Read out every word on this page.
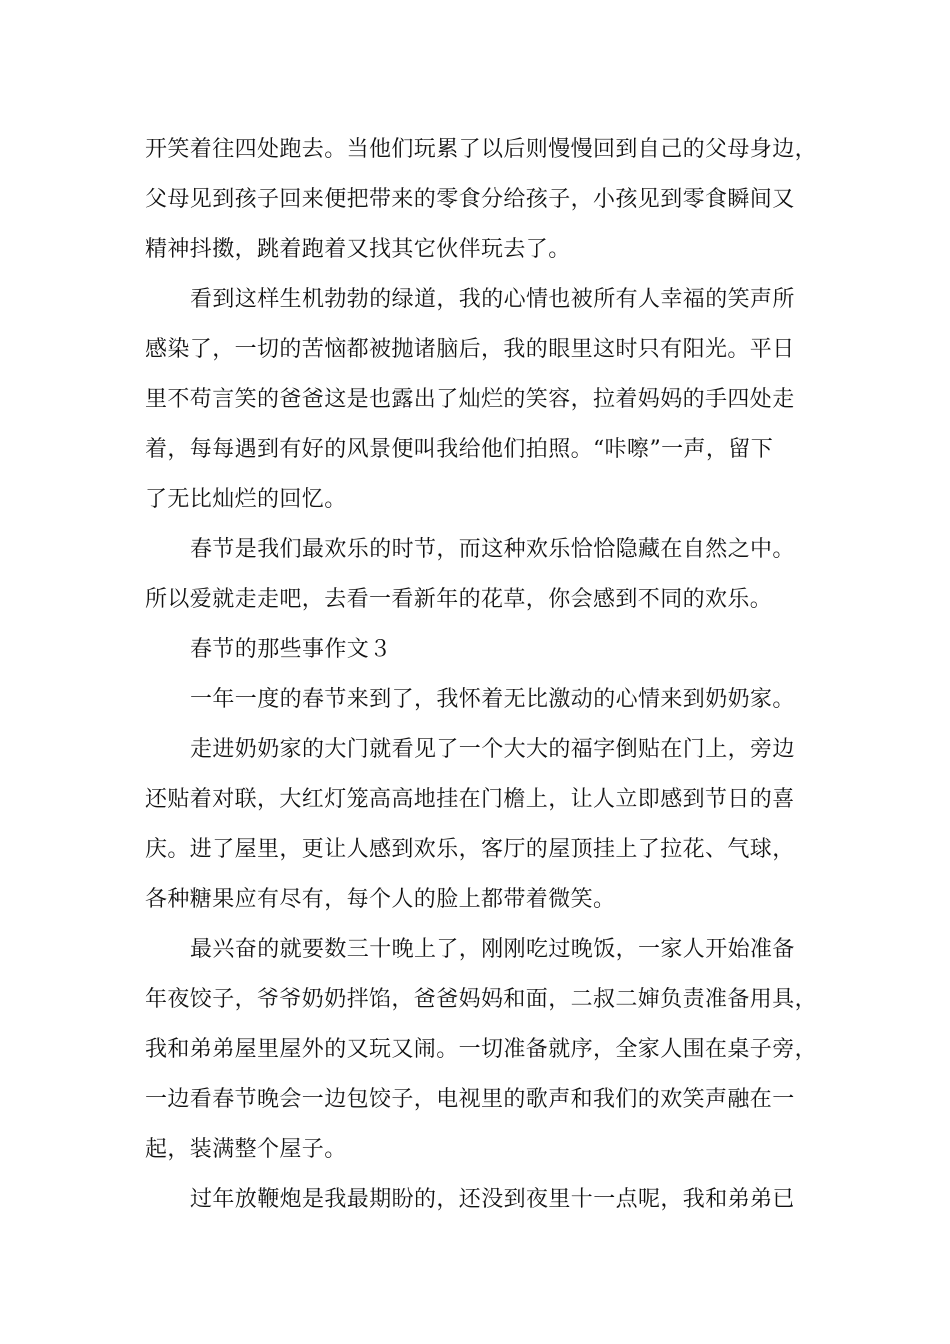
开笑着往四处跑去。当他们玩累了以后则慢慢回到自己的父母身边，
父母见到孩子回来便把带来的零食分给孩子，小孩见到零食瞬间又
精神抖擞，跳着跑着又找其它伙伴玩去了。
看到这样生机勃勃的绿道，我的心情也被所有人幸福的笑声所
感染了，一切的苦恼都被抛诸脑后，我的眼里这时只有阳光。平日
里不苟言笑的爸爸这是也露出了灿烂的笑容，拉着妈妈的手四处走
着，每每遇到有好的风景便叫我给他们拍照。“咔嚓”一声，留下
了无比灿烂的回忆。
春节是我们最欢乐的时节，而这种欢乐恰恰隐藏在自然之中。
所以爱就走走吧，去看一看新年的花草，你会感到不同的欢乐。
春节的那些事作文３
一年一度的春节来到了，我怀着无比激动的心情来到奶奶家。
走进奶奶家的大门就看见了一个大大的福字倒贴在门上，旁边
还贴着对联，大红灯笼高高地挂在门檐上，让人立即感到节日的喜
庆。进了屋里，更让人感到欢乐，客厅的屋顶挂上了拉花、气球，
各种糖果应有尽有，每个人的脸上都带着微笑。
最兴奋的就要数三十晚上了，刚刚吃过晚饭，一家人开始准备
年夜饺子，爷爷奶奶拌馅，爸爸妈妈和面，二叔二婶负责准备用具，
我和弟弟屋里屋外的又玩又闹。一切准备就序，全家人围在桌子旁，
一边看春节晚会一边包饺子，电视里的歌声和我们的欢笑声融在一
起，装满整个屋子。
过年放鞭炮是我最期盼的，还没到夜里十一点呢，我和弟弟已
